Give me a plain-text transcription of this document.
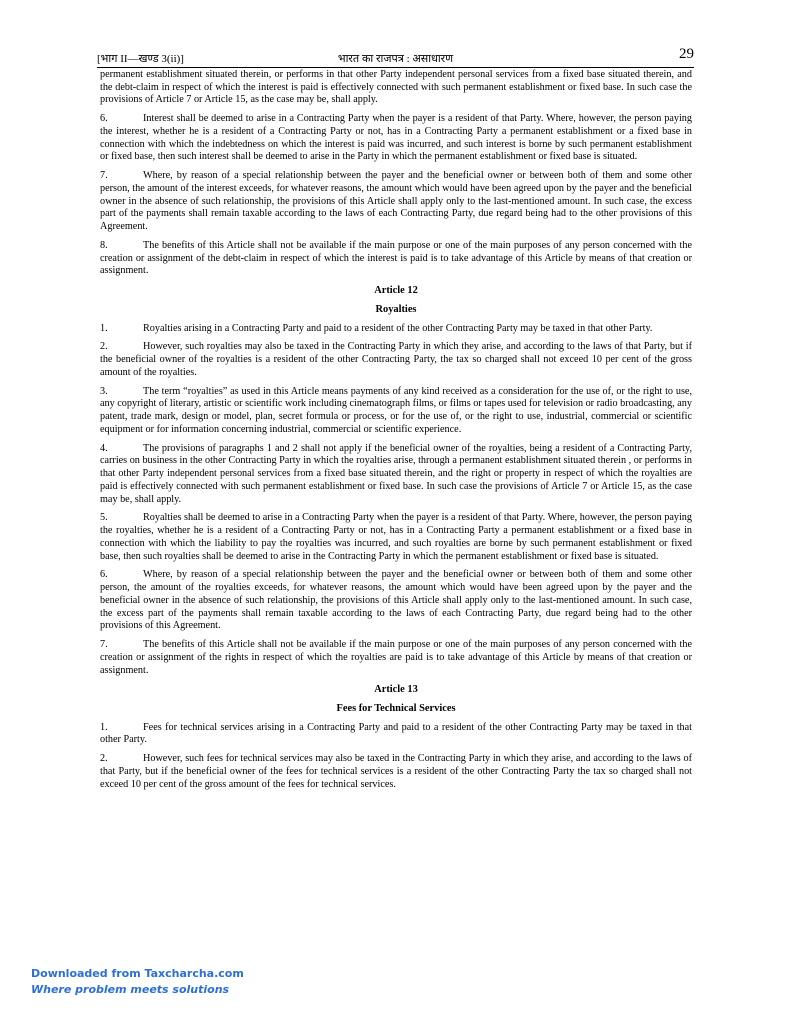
[भाग II—खण्ड 3(ii)]	भारत का राजपत्र : असाधारण	29

permanent establishment situated therein, or performs in that other Party independent personal services from a fixed base situated therein, and the debt-claim in respect of which the interest is paid is effectively connected with such permanent establishment or fixed base. In such case the provisions of Article 7 or Article 15, as the case may be, shall apply.

6.	Interest shall be deemed to arise in a Contracting Party when the payer is a resident of that Party. Where, however, the person paying the interest, whether he is a resident of a Contracting Party or not, has in a Contracting Party a permanent establishment or a fixed base in connection with which the indebtedness on which the interest is paid was incurred, and such interest is borne by such permanent establishment or fixed base, then such interest shall be deemed to arise in the Party in which the permanent establishment or fixed base is situated.

7.	Where, by reason of a special relationship between the payer and the beneficial owner or between both of them and some other person, the amount of the interest exceeds, for whatever reasons, the amount which would have been agreed upon by the payer and the beneficial owner in the absence of such relationship, the provisions of this Article shall apply only to the last-mentioned amount. In such case, the excess part of the payments shall remain taxable according to the laws of each Contracting Party, due regard being had to the other provisions of this Agreement.

8.	The benefits of this Article shall not be available if the main purpose or one of the main purposes of any person concerned with the creation or assignment of the debt-claim in respect of which the interest is paid is to take advantage of this Article by means of that creation or assignment.

Article 12
Royalties

1.	Royalties arising in a Contracting Party and paid to a resident of the other Contracting Party may be taxed in that other Party.

2.	However, such royalties may also be taxed in the Contracting Party in which they arise, and according to the laws of that Party, but if the beneficial owner of the royalties is a resident of the other Contracting Party, the tax so charged shall not exceed 10 per cent of the gross amount of the royalties.

3.	The term “royalties” as used in this Article means payments of any kind received as a consideration for the use of, or the right to use, any copyright of literary, artistic or scientific work including cinematograph films, or films or tapes used for television or radio broadcasting, any patent, trade mark, design or model, plan, secret formula or process, or for the use of, or the right to use, industrial, commercial or scientific equipment or for information concerning industrial, commercial or scientific experience.

4.	The provisions of paragraphs 1 and 2 shall not apply if the beneficial owner of the royalties, being a resident of a Contracting Party, carries on business in the other Contracting Party in which the royalties arise, through a permanent establishment situated therein , or performs in that other Party independent personal services from a fixed base situated therein, and the right or property in respect of which the royalties are paid is effectively connected with such permanent establishment or fixed base. In such case the provisions of Article 7 or Article 15, as the case may be, shall apply.

5.	Royalties shall be deemed to arise in a Contracting Party when the payer is a resident of that Party. Where, however, the person paying the royalties, whether he is a resident of a Contracting Party or not, has in a Contracting Party a permanent establishment or a fixed base in connection with which the liability to pay the royalties was incurred, and such royalties are borne by such permanent establishment or fixed base, then such royalties shall be deemed to arise in the Contracting Party in which the permanent establishment or fixed base is situated.

6.	Where, by reason of a special relationship between the payer and the beneficial owner or between both of them and some other person, the amount of the royalties exceeds, for whatever reasons, the amount which would have been agreed upon by the payer and the beneficial owner in the absence of such relationship, the provisions of this Article shall apply only to the last-mentioned amount. In such case, the excess part of the payments shall remain taxable according to the laws of each Contracting Party, due regard being had to the other provisions of this Agreement.

7.	The benefits of this Article shall not be available if the main purpose or one of the main purposes of any person concerned with the creation or assignment of the rights in respect of which the royalties are paid is to take advantage of this Article by means of that creation or assignment.

Article 13
Fees for Technical Services

1.	Fees for technical services arising in a Contracting Party and paid to a resident of the other Contracting Party may be taxed in that other Party.

2.	However, such fees for technical services may also be taxed in the Contracting Party in which they arise, and according to the laws of that Party, but if the beneficial owner of the fees for technical services is a resident of the other Contracting Party the tax so charged shall not exceed 10 per cent of the gross amount of the fees for technical services.

Downloaded from Taxcharcha.com
Where problem meets solutions
